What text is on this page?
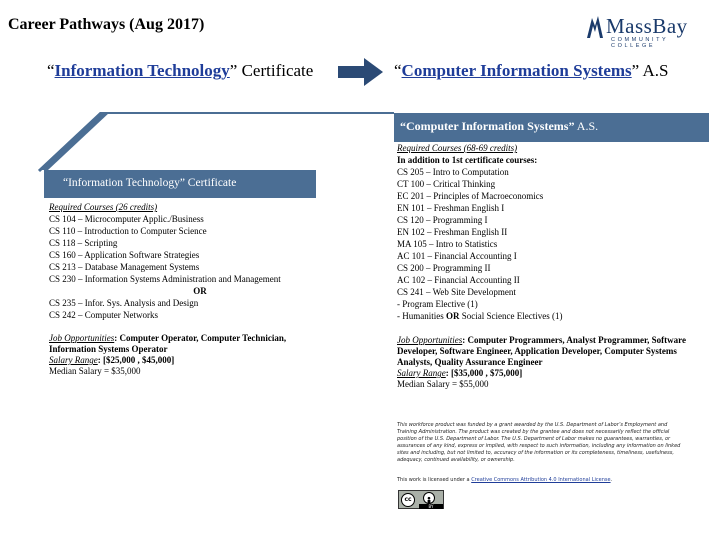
Career Pathways (Aug 2017)	MassBay
COMMUNITY COLLEGE
“Information Technology” Certificate	“Computer Information Systems” A.S
“Computer Information Systems” A.S.
“Information Technology” Certificate
Required Courses (26 credits)
CS 104 – Microcomputer Applic./Business
CS 110 – Introduction to Computer Science
CS 118 – Scripting
CS 160 – Application Software Strategies
CS 213 – Database Management Systems
CS 230 – Information Systems Administration and Management
OR
CS 235 – Infor. Sys. Analysis and Design
CS 242 – Computer Networks
Required Courses (68-69 credits)
In addition to 1st certificate courses:
CS 205 – Intro to Computation
CT 100 – Critical Thinking
EC 201 – Principles of Macroeconomics
EN 101 – Freshman English I
CS 120 – Programming I
EN 102 – Freshman English II
MA 105 – Intro to Statistics
AC 101 – Financial Accounting I
CS 200 – Programming II
AC 102 – Financial Accounting II
CS 241 – Web Site Development
- Program Elective (1)
- Humanities OR Social Science Electives (1)
Job Opportunities: Computer Operator, Computer Technician, Information Systems Operator
Salary Range: [$25,000 , $45,000]
Median Salary = $35,000
Job Opportunities: Computer Programmers, Analyst Programmer, Software Developer, Software Engineer, Application Developer, Computer Systems Analysts, Quality Assurance Engineer
Salary Range: [$35,000 , $75,000]
Median Salary = $55,000
This workforce product was funded by a grant awarded by the U.S. Department of Labor’s Employment and Training Administration. The product was created by the grantee and does not necessarily reflect the official position of the U.S. Department of Labor. The U.S. Department of Labor makes no guarantees, warranties, or assurances of any kind, express or implied, with respect to such information, including any information on linked sites and including, but not limited to, accuracy of the information or its completeness, timeliness, usefulness, adequacy, continued availability, or ownership.
This work is licensed under a Creative Commons Attribution 4.0 International License.
cc
BY
